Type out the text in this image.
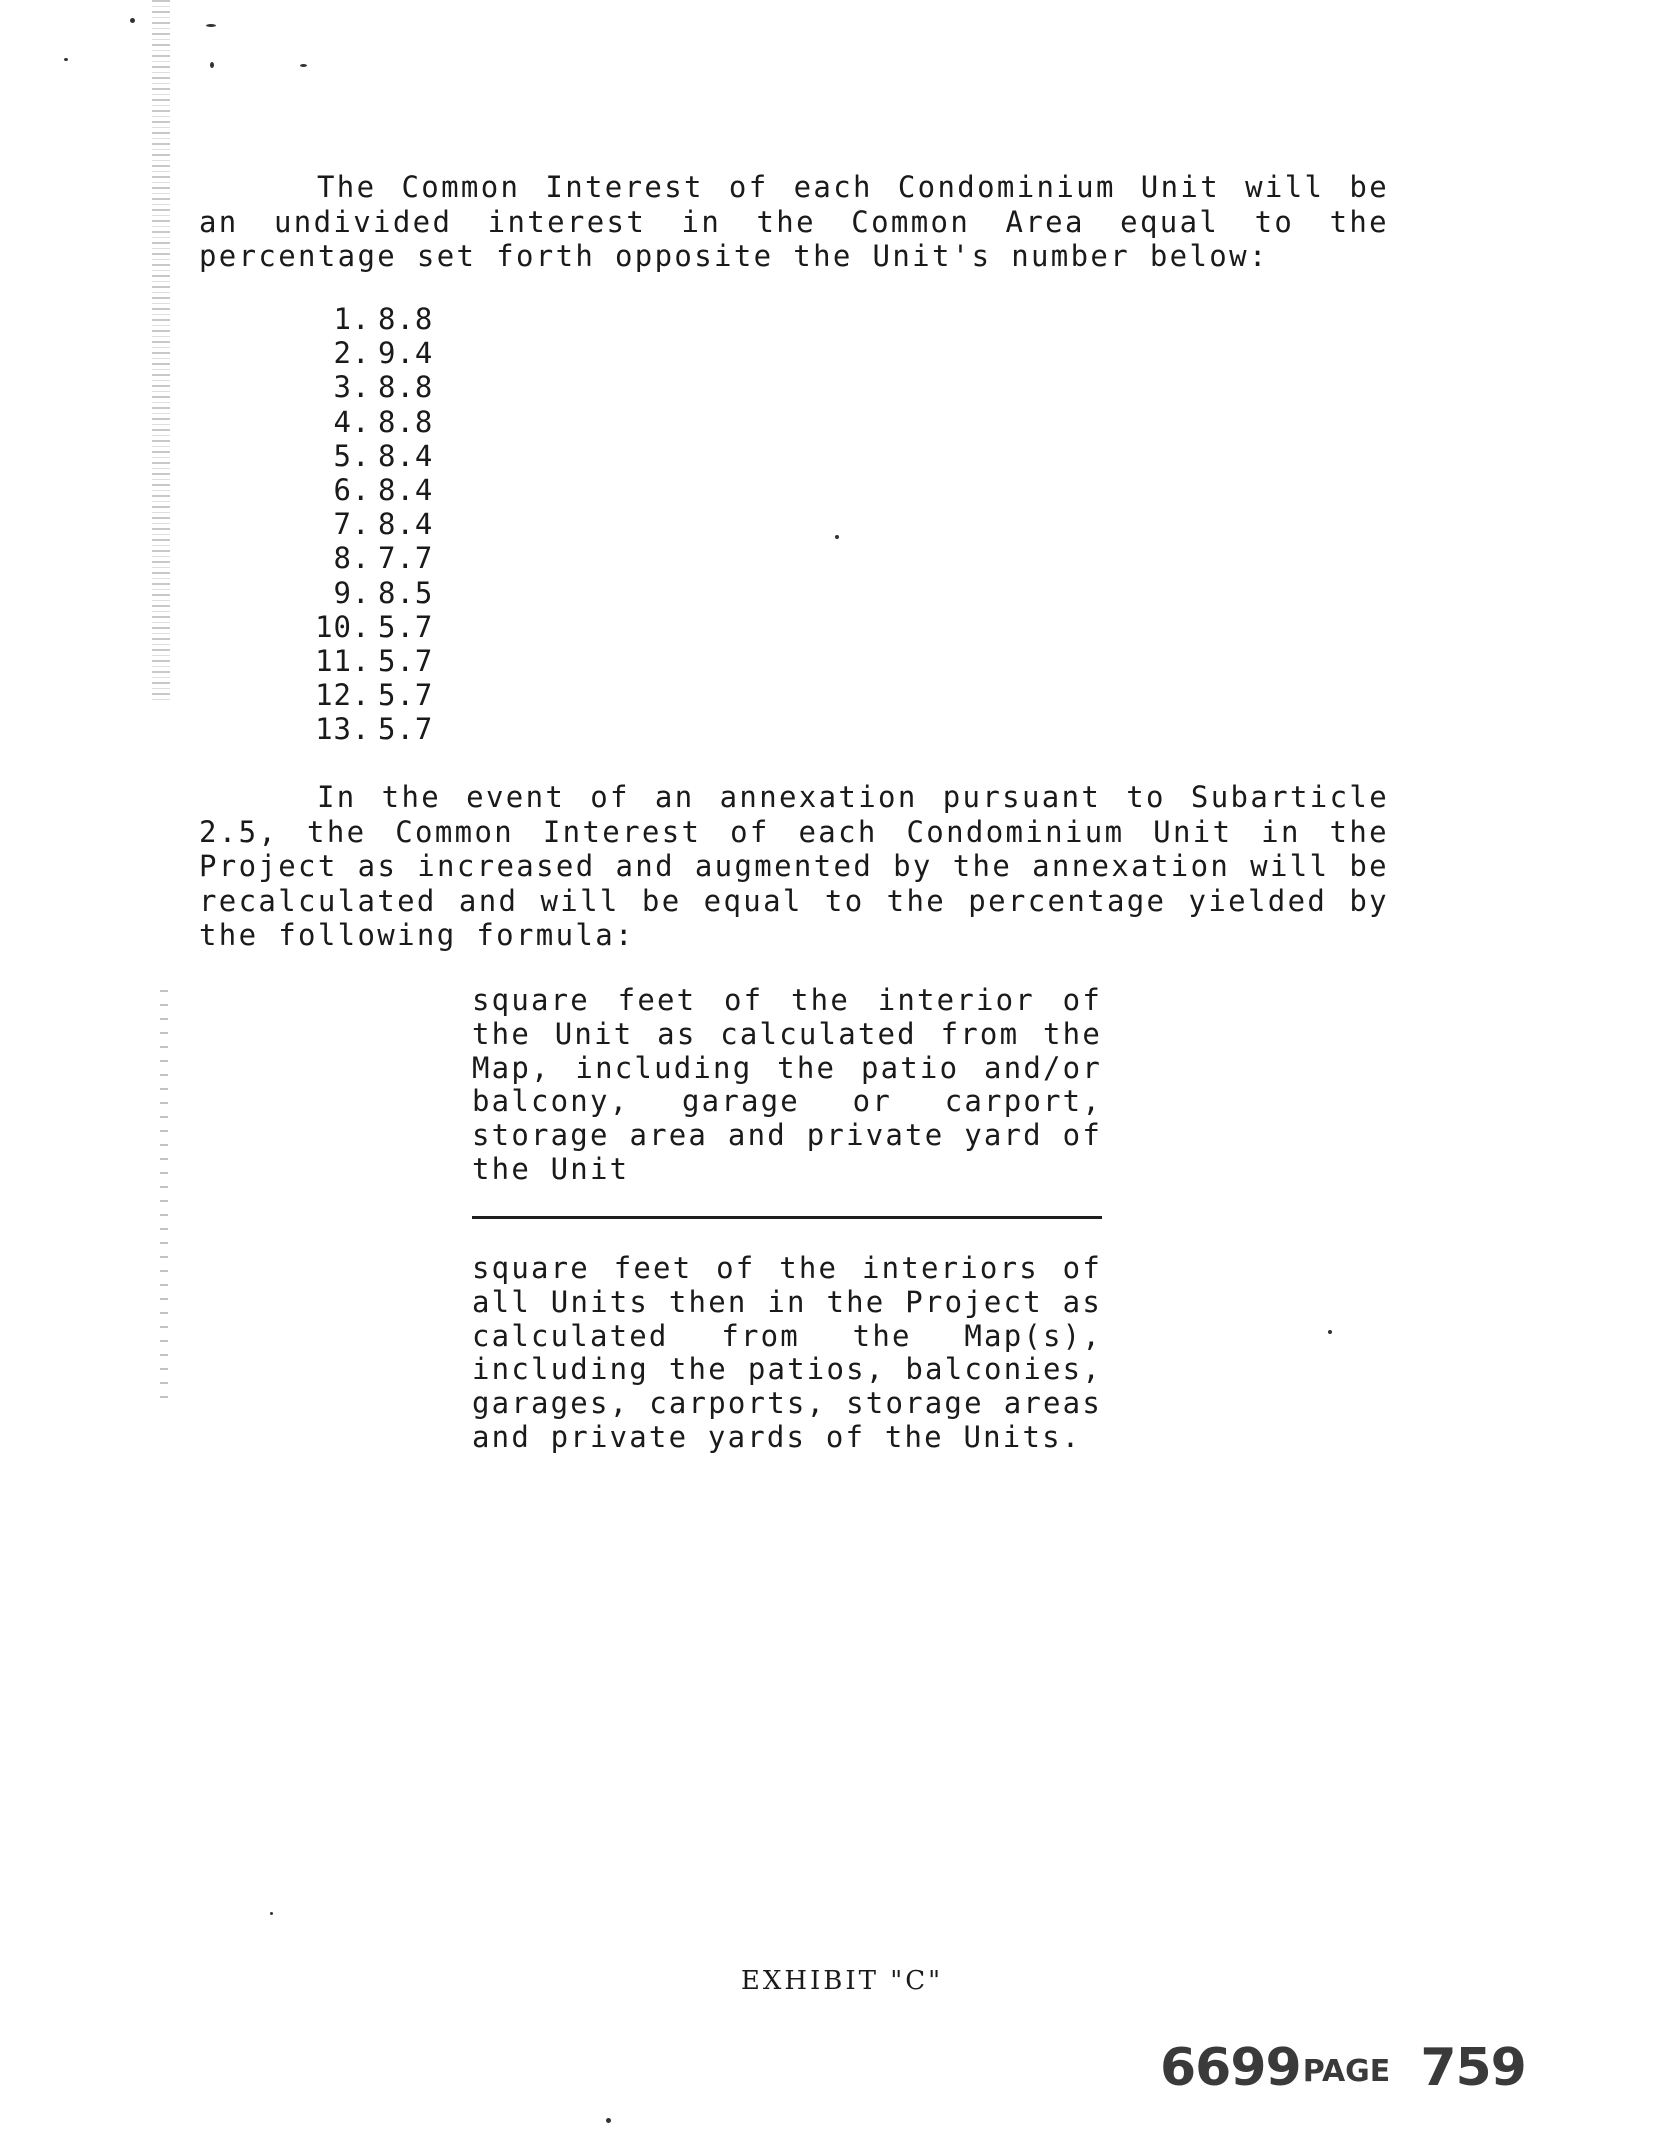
The Common Interest of each Condominium Unit will be an undivided interest in the Common Area equal to the percentage set forth opposite the Unit's number below:

1 . 8.8
2 . 9.4
3 . 8.8
4 . 8.8
5 . 8.4
6 . 8.4
7 . 8.4
8 . 7.7
9 . 8.5
10 . 5.7
11 . 5.7
12 . 5.7
13 . 5.7

In the event of an annexation pursuant to Subarticle 2.5, the Common Interest of each Condominium Unit in the Project as increased and augmented by the annexation will be recalculated and will be equal to the percentage yielded by the following formula:

square feet of the interior of the Unit as calculated from the Map, including the patio and/or balcony, garage or carport, storage area and private yard of the Unit
square feet of the interiors of all Units then in the Project as calculated from the Map(s), including the patios, balconies, garages, carports, storage areas and private yards of the Units.
EXHIBIT "C"
6699PAGE 759
